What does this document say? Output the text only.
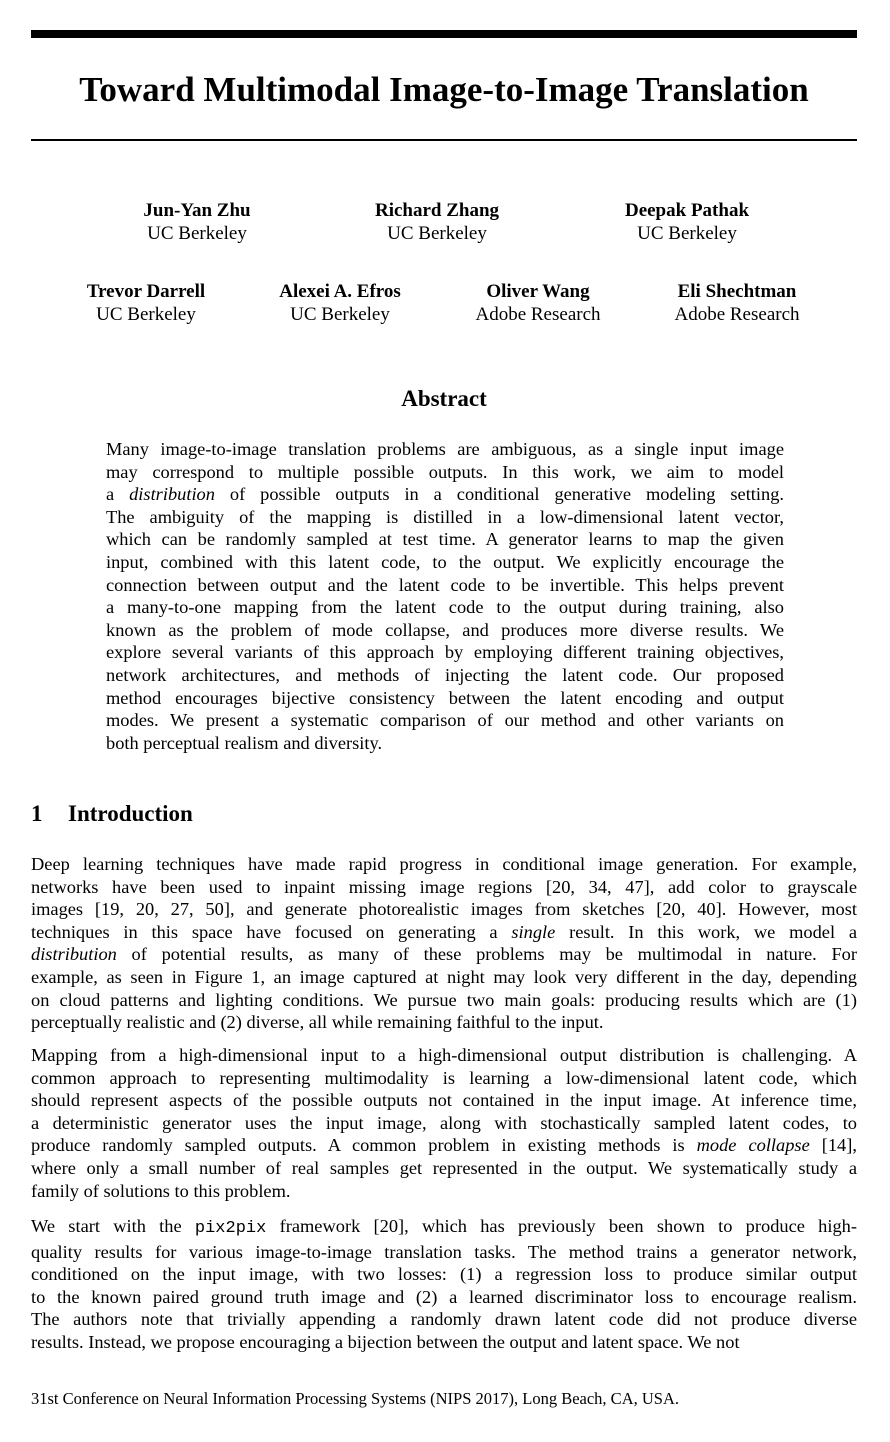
Toward Multimodal Image-to-Image Translation
Jun-Yan Zhu
UC Berkeley
Richard Zhang
UC Berkeley
Deepak Pathak
UC Berkeley
Trevor Darrell
UC Berkeley
Alexei A. Efros
UC Berkeley
Oliver Wang
Adobe Research
Eli Shechtman
Adobe Research
Abstract
Many image-to-image translation problems are ambiguous, as a single input image
may correspond to multiple possible outputs. In this work, we aim to model
a distribution of possible outputs in a conditional generative modeling setting.
The ambiguity of the mapping is distilled in a low-dimensional latent vector,
which can be randomly sampled at test time. A generator learns to map the given
input, combined with this latent code, to the output. We explicitly encourage the
connection between output and the latent code to be invertible. This helps prevent
a many-to-one mapping from the latent code to the output during training, also
known as the problem of mode collapse, and produces more diverse results. We
explore several variants of this approach by employing different training objectives,
network architectures, and methods of injecting the latent code. Our proposed
method encourages bijective consistency between the latent encoding and output
modes. We present a systematic comparison of our method and other variants on
both perceptual realism and diversity.
1 Introduction
Deep learning techniques have made rapid progress in conditional image generation. For example,
networks have been used to inpaint missing image regions [20, 34, 47], add color to grayscale
images [19, 20, 27, 50], and generate photorealistic images from sketches [20, 40]. However, most
techniques in this space have focused on generating a single result. In this work, we model a
distribution of potential results, as many of these problems may be multimodal in nature. For
example, as seen in Figure 1, an image captured at night may look very different in the day, depending
on cloud patterns and lighting conditions. We pursue two main goals: producing results which are (1)
perceptually realistic and (2) diverse, all while remaining faithful to the input.
Mapping from a high-dimensional input to a high-dimensional output distribution is challenging. A
common approach to representing multimodality is learning a low-dimensional latent code, which
should represent aspects of the possible outputs not contained in the input image. At inference time,
a deterministic generator uses the input image, along with stochastically sampled latent codes, to
produce randomly sampled outputs. A common problem in existing methods is mode collapse [14],
where only a small number of real samples get represented in the output. We systematically study a
family of solutions to this problem.
We start with the pix2pix framework [20], which has previously been shown to produce high-
quality results for various image-to-image translation tasks. The method trains a generator network,
conditioned on the input image, with two losses: (1) a regression loss to produce similar output
to the known paired ground truth image and (2) a learned discriminator loss to encourage realism.
The authors note that trivially appending a randomly drawn latent code did not produce diverse
results. Instead, we propose encouraging a bijection between the output and latent space. We not
31st Conference on Neural Information Processing Systems (NIPS 2017), Long Beach, CA, USA.
